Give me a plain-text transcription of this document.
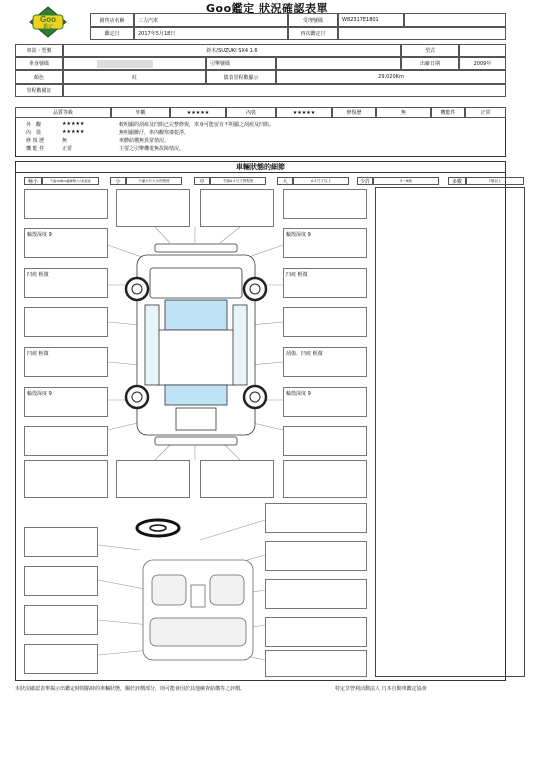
Goo鑑定 狀況確認表單
Goo
鑑定
銷售店名稱	三力汽車	受理號碼	W82317E1801
鑑定日	2017年5月18日	再次鑑定日
車款・型號	鈴木/SUZUKI SX4 1.6	型式
車身號碼	引擎號碼	出廠日期	2009年
顏色	紅	儀表里程數顯示	29,020Km
里程數備註
品質等級	外觀	★★★★★	內裝	★★★★★	修復歷	無	機能件	正常
外　觀	★★★★★	較明顯的刮痕及凹陷已完整修復，車身可能留有不明顯之刮痕及凹陷。
內　裝	★★★★★	無明顯髒汙，車內觀察漆乾淨。
修 復 歷	無	車體結構無異常情況。
機 能 件	正常	主要之引擎機電無故障情況。
車輛狀態的細節
極小	不滿10塊10圓硬幣大小的程度	小	不滿卡片大小的程度	中	不滿A４尺寸的程度	大	A４尺寸以上	少許	5～6個	多數	7個以上
輪殼深度 9
凹痕 輕微
凹痕 輕微
輪殼深度 9
輪殼深度 9
凹痕 輕微
刮傷、凹痕 輕微
輪殼深度 9
本狀況確認表單揭示出鑑定時間點時的車輛狀態，關於評價部分，則可能會因於其他檢查結構等之評價。	特定非營利活動法人 日本自動車鑑定協會
